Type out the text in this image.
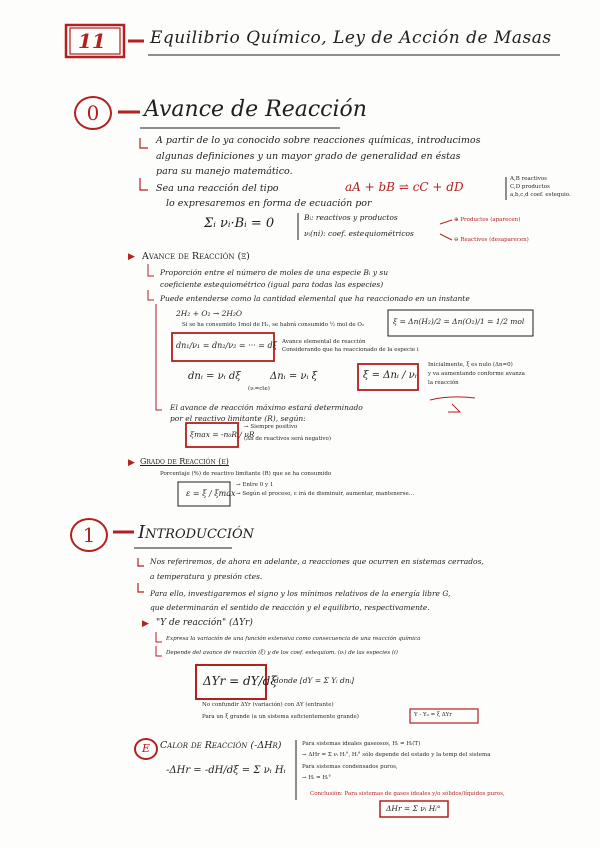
11	Equilibrio Químico, Ley de Acción de Masas
0	Avance de Reacción
A partir de lo ya conocido sobre reacciones químicas, introducimos
algunas definiciones y un mayor grado de generalidad en éstas
para su manejo matemático.
Sea una reacción del tipo	aA + bB ⇌ cC + dD
A,B reactivos
C,D productos
a,b,c,d coef. estequio.
lo expresaremos en forma de ecuación por
Σᵢ νᵢ·Bᵢ = 0	Bᵢ: reactivos y productos
νᵢ(ni): coef. estequiométricos
⊕ Productos (aparecen)
⊖ Reactivos (desaparecen)
▶ Avance de Reacción (ξ)
Proporción entre el número de moles de una especie Bᵢ y su
coeficiente estequiométrico (igual para todas las especies)
Puede entenderse como la cantidad elemental que ha reaccionado en un instante
2H₂ + O₂ → 2H₂O
Si se ha consumido 1mol de H₂, se habrá consumido ½ mol de O₂	ξ = Δn(H₂)/2 = Δn(O₂)/1 = 1/2 mol
dn₁/ν₁ = dn₂/ν₂ = ··· = dξ Avance elemental de reacción
Considerando que ha reaccionado de la especie i
dnᵢ = νᵢ dξ	Δnᵢ = νᵢ ξ
(νᵢ=cte)
ξ = Δnᵢ / νᵢ
Inicialmente, ξ es nulo (Δn=0)
y va aumentando conforme avanza
la reacción
El avance de reacción máximo estará determinado
por el reactivo limitante (R), según:
ξmax = -n₀R / νR
→ Siempre positivo
(Δn de reactivos será negativo)
▶ Grado de Reacción (ε)
Porcentaje (%) de reactivo limitante (R) que se ha consumido
ε = ξ / ξmax
→ Entre 0 y 1
→ Según el proceso, ε irá de disminuir, aumentar, mantenerse…
1	Introducción
Nos referiremos, de ahora en adelante, a reacciones que ocurren en sistemas cerrados,
a temperatura y presión ctes.
Para ello, investigaremos el signo y los mínimos relativos de la energía libre G,
que determinarán el sentido de reacción y el equilibrio, respectivamente.
▶ "Y de reacción" (ΔYr)
Expresa la variación de una función extensiva como consecuencia de una reacción química
Depende del avance de reacción (ξ) y de los coef. estequiom. (νᵢ) de las especies (i)
ΔYr = dY/dξ
donde [dY = Σ Yᵢ dnᵢ]
No confundir ΔYr (variación) con ΔY (entrante)
Para un ξ grande (a un sistema suficientemente grande)	Y - Y₀ = ξ ΔYr
E	Calor de Reacción (-ΔHr)
-ΔHr = -dH/dξ = Σ νᵢ Hᵢ
Para sistemas ideales gaseosos, Hᵢ = Hᵢ(T)
→ ΔHr = Σ νᵢ Hᵢ°, Hᵢ° sólo depende del estado y la temp del sistema
Para sistemas condensados puros,
→ Hᵢ = Hᵢ°
Conclusión: Para sistemas de gases ideales y/o sólidos/líquidos puros,
ΔHr = Σ νᵢ Hᵢ°
